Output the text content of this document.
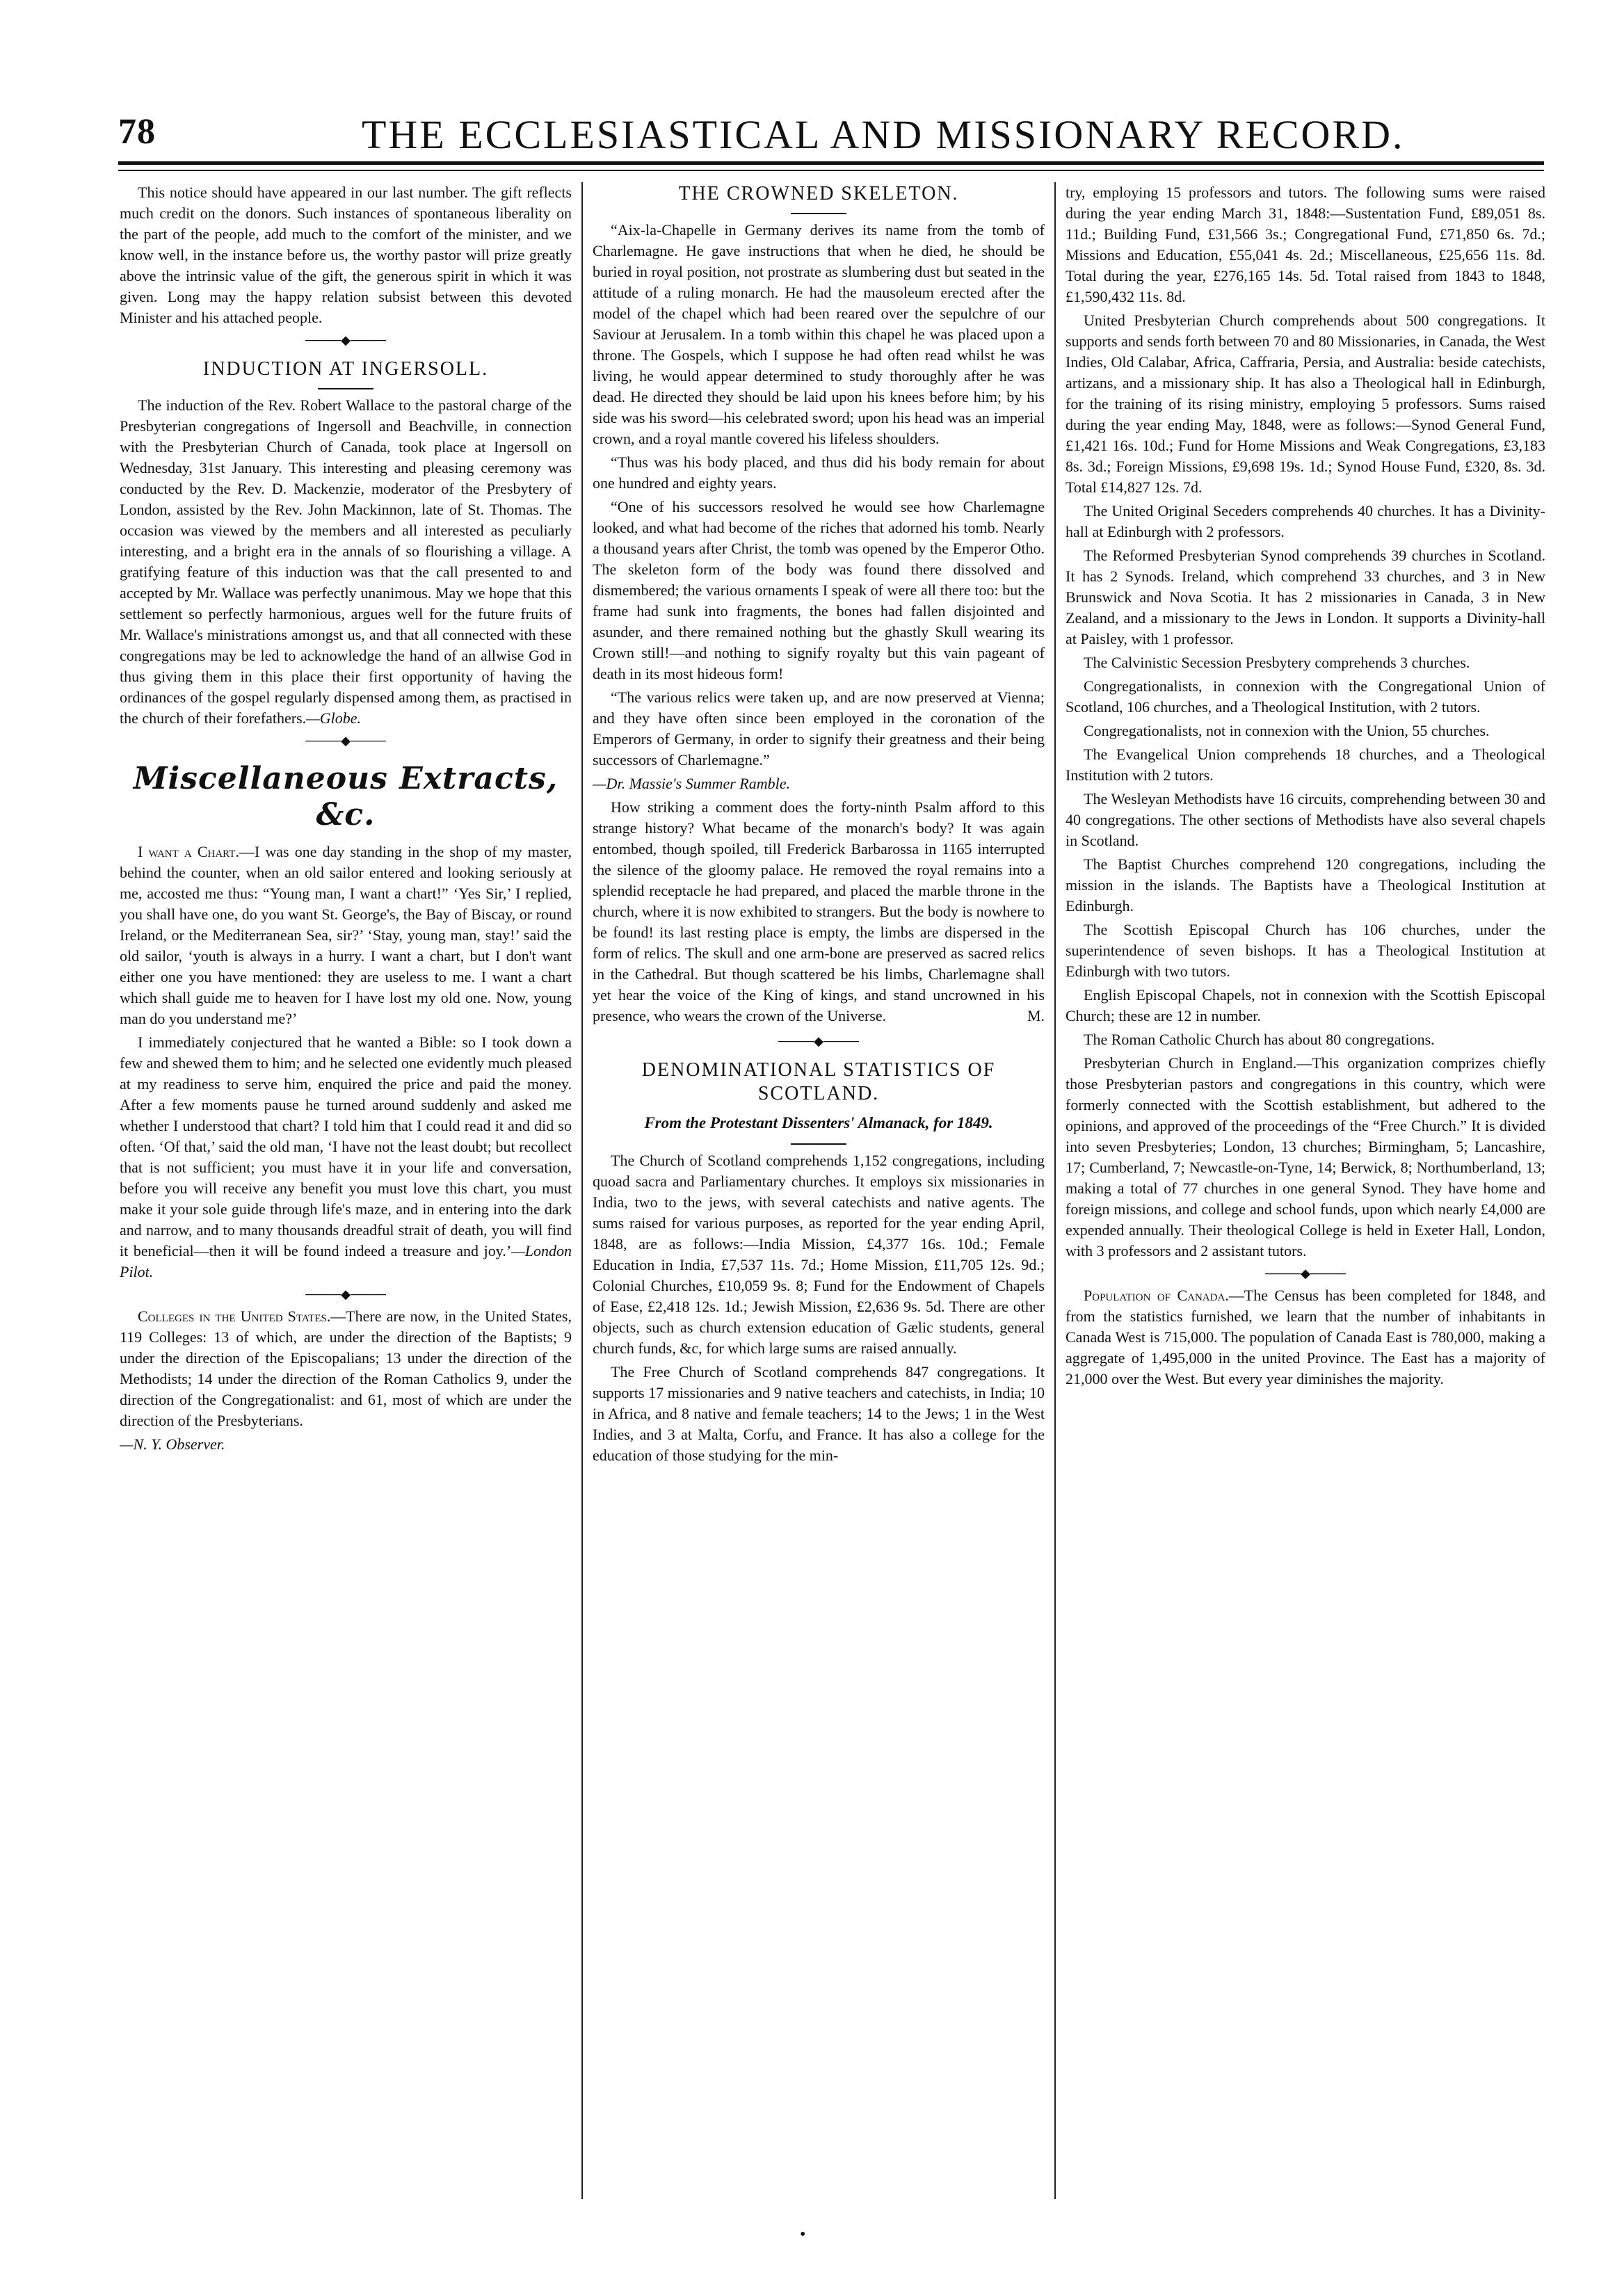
78	THE ECCLESIASTICAL AND MISSIONARY RECORD.

This notice should have appeared in our last number. The gift reflects much credit on the donors. Such instances of spontaneous liberality on the part of the people, add much to the comfort of the minister, and we know well, in the instance before us, the worthy pastor will prize greatly above the intrinsic value of the gift, the generous spirit in which it was given. Long may the happy relation subsist between this devoted Minister and his attached people.

────◆────
INDUCTION AT INGERSOLL.

The induction of the Rev. Robert Wallace to the pastoral charge of the Presbyterian congregations of Ingersoll and Beachville, in connection with the Presbyterian Church of Canada, took place at Ingersoll on Wednesday, 31st January. This interesting and pleasing ceremony was conducted by the Rev. D. Mackenzie, moderator of the Presbytery of London, assisted by the Rev. John Mackinnon, late of St. Thomas. The occasion was viewed by the members and all interested as peculiarly interesting, and a bright era in the annals of so flourishing a village. A gratifying feature of this induction was that the call presented to and accepted by Mr. Wallace was perfectly unanimous. May we hope that this settlement so perfectly harmonious, argues well for the future fruits of Mr. Wallace's ministrations amongst us, and that all connected with these congregations may be led to acknowledge the hand of an allwise God in thus giving them in this place their first opportunity of having the ordinances of the gospel regularly dispensed among them, as practised in the church of their forefathers.—Globe.

────◆────
Miscellaneous Extracts, &c.

I want a Chart.—I was one day standing in the shop of my master, behind the counter, when an old sailor entered and looking seriously at me, accosted me thus: “Young man, I want a chart!” ‘Yes Sir,’ I replied, you shall have one, do you want St. George's, the Bay of Biscay, or round Ireland, or the Mediterranean Sea, sir?’ ‘Stay, young man, stay!’ said the old sailor, ‘youth is always in a hurry. I want a chart, but I don't want either one you have mentioned: they are useless to me. I want a chart which shall guide me to heaven for I have lost my old one. Now, young man do you understand me?’

I immediately conjectured that he wanted a Bible: so I took down a few and shewed them to him; and he selected one evidently much pleased at my readiness to serve him, enquired the price and paid the money. After a few moments pause he turned around suddenly and asked me whether I understood that chart? I told him that I could read it and did so often. ‘Of that,’ said the old man, ‘I have not the least doubt; but recollect that is not sufficient; you must have it in your life and conversation, before you will receive any benefit you must love this chart, you must make it your sole guide through life's maze, and in entering into the dark and narrow, and to many thousands dreadful strait of death, you will find it beneficial—then it will be found indeed a treasure and joy.’—London Pilot.

────◆────

Colleges in the United States.—There are now, in the United States, 119 Colleges: 13 of which, are under the direction of the Baptists; 9 under the direction of the Episcopalians; 13 under the direction of the Methodists; 14 under the direction of the Roman Catholics 9, under the direction of the Congregationalist: and 61, most of which are under the direction of the Presbyterians.

—N. Y. Observer.

THE CROWNED SKELETON.

“Aix-la-Chapelle in Germany derives its name from the tomb of Charlemagne. He gave instructions that when he died, he should be buried in royal position, not prostrate as slumbering dust but seated in the attitude of a ruling monarch. He had the mausoleum erected after the model of the chapel which had been reared over the sepulchre of our Saviour at Jerusalem. In a tomb within this chapel he was placed upon a throne. The Gospels, which I suppose he had often read whilst he was living, he would appear determined to study thoroughly after he was dead. He directed they should be laid upon his knees before him; by his side was his sword—his celebrated sword; upon his head was an imperial crown, and a royal mantle covered his lifeless shoulders.

“Thus was his body placed, and thus did his body remain for about one hundred and eighty years.

“One of his successors resolved he would see how Charlemagne looked, and what had become of the riches that adorned his tomb. Nearly a thousand years after Christ, the tomb was opened by the Emperor Otho. The skeleton form of the body was found there dissolved and dismembered; the various ornaments I speak of were all there too: but the frame had sunk into fragments, the bones had fallen disjointed and asunder, and there remained nothing but the ghastly Skull wearing its Crown still!—and nothing to signify royalty but this vain pageant of death in its most hideous form!

“The various relics were taken up, and are now preserved at Vienna; and they have often since been employed in the coronation of the Emperors of Germany, in order to signify their greatness and their being successors of Charlemagne.”

—Dr. Massie's Summer Ramble.

How striking a comment does the forty-ninth Psalm afford to this strange history? What became of the monarch's body? It was again entombed, though spoiled, till Frederick Barbarossa in 1165 interrupted the silence of the gloomy palace. He removed the royal remains into a splendid receptacle he had prepared, and placed the marble throne in the church, where it is now exhibited to strangers. But the body is nowhere to be found! its last resting place is empty, the limbs are dispersed in the form of relics. The skull and one arm-bone are preserved as sacred relics in the Cathedral. But though scattered be his limbs, Charlemagne shall yet hear the voice of the King of kings, and stand uncrowned in his presence, who wears the crown of the Universe.	M.

────◆────
DENOMINATIONAL STATISTICS OF SCOTLAND.
From the Protestant Dissenters' Almanack, for 1849.

The Church of Scotland comprehends 1,152 congregations, including quoad sacra and Parliamentary churches. It employs six missionaries in India, two to the jews, with several catechists and native agents. The sums raised for various purposes, as reported for the year ending April, 1848, are as follows:—India Mission, £4,377 16s. 10d.; Female Education in India, £7,537 11s. 7d.; Home Mission, £11,705 12s. 9d.; Colonial Churches, £10,059 9s. 8; Fund for the Endowment of Chapels of Ease, £2,418 12s. 1d.; Jewish Mission, £2,636 9s. 5d. There are other objects, such as church extension education of Gælic students, general church funds, &c, for which large sums are raised annually.

The Free Church of Scotland comprehends 847 congregations. It supports 17 missionaries and 9 native teachers and catechists, in India; 10 in Africa, and 8 native and female teachers; 14 to the Jews; 1 in the West Indies, and 3 at Malta, Corfu, and France. It has also a college for the education of those studying for the min-

try, employing 15 professors and tutors. The following sums were raised during the year ending March 31, 1848:—Sustentation Fund, £89,051 8s. 11d.; Building Fund, £31,566 3s.; Congregational Fund, £71,850 6s. 7d.; Missions and Education, £55,041 4s. 2d.; Miscellaneous, £25,656 11s. 8d. Total during the year, £276,165 14s. 5d. Total raised from 1843 to 1848, £1,590,432 11s. 8d.

United Presbyterian Church comprehends about 500 congregations. It supports and sends forth between 70 and 80 Missionaries, in Canada, the West Indies, Old Calabar, Africa, Caffraria, Persia, and Australia: beside catechists, artizans, and a missionary ship. It has also a Theological hall in Edinburgh, for the training of its rising ministry, employing 5 professors. Sums raised during the year ending May, 1848, were as follows:—Synod General Fund, £1,421 16s. 10d.; Fund for Home Missions and Weak Congregations, £3,183 8s. 3d.; Foreign Missions, £9,698 19s. 1d.; Synod House Fund, £320, 8s. 3d. Total £14,827 12s. 7d.

The United Original Seceders comprehends 40 churches. It has a Divinity-hall at Edinburgh with 2 professors.

The Reformed Presbyterian Synod comprehends 39 churches in Scotland. It has 2 Synods. Ireland, which comprehend 33 churches, and 3 in New Brunswick and Nova Scotia. It has 2 missionaries in Canada, 3 in New Zealand, and a missionary to the Jews in London. It supports a Divinity-hall at Paisley, with 1 professor.

The Calvinistic Secession Presbytery comprehends 3 churches.

Congregationalists, in connexion with the Congregational Union of Scotland, 106 churches, and a Theological Institution, with 2 tutors.

Congregationalists, not in connexion with the Union, 55 churches.

The Evangelical Union comprehends 18 churches, and a Theological Institution with 2 tutors.

The Wesleyan Methodists have 16 circuits, comprehending between 30 and 40 congregations. The other sections of Methodists have also several chapels in Scotland.

The Baptist Churches comprehend 120 congregations, including the mission in the islands. The Baptists have a Theological Institution at Edinburgh.

The Scottish Episcopal Church has 106 churches, under the superintendence of seven bishops. It has a Theological Institution at Edinburgh with two tutors.

English Episcopal Chapels, not in connexion with the Scottish Episcopal Church; these are 12 in number.

The Roman Catholic Church has about 80 congregations.

Presbyterian Church in England.—This organization comprizes chiefly those Presbyterian pastors and congregations in this country, which were formerly connected with the Scottish establishment, but adhered to the opinions, and approved of the proceedings of the “Free Church.” It is divided into seven Presbyteries; London, 13 churches; Birmingham, 5; Lancashire, 17; Cumberland, 7; Newcastle-on-Tyne, 14; Berwick, 8; Northumberland, 13; making a total of 77 churches in one general Synod. They have home and foreign missions, and college and school funds, upon which nearly £4,000 are expended annually. Their theological College is held in Exeter Hall, London, with 3 professors and 2 assistant tutors.

────◆────

Population of Canada.—The Census has been completed for 1848, and from the statistics furnished, we learn that the number of inhabitants in Canada West is 715,000. The population of Canada East is 780,000, making a aggregate of 1,495,000 in the united Province. The East has a majority of 21,000 over the West. But every year diminishes the majority.

•
